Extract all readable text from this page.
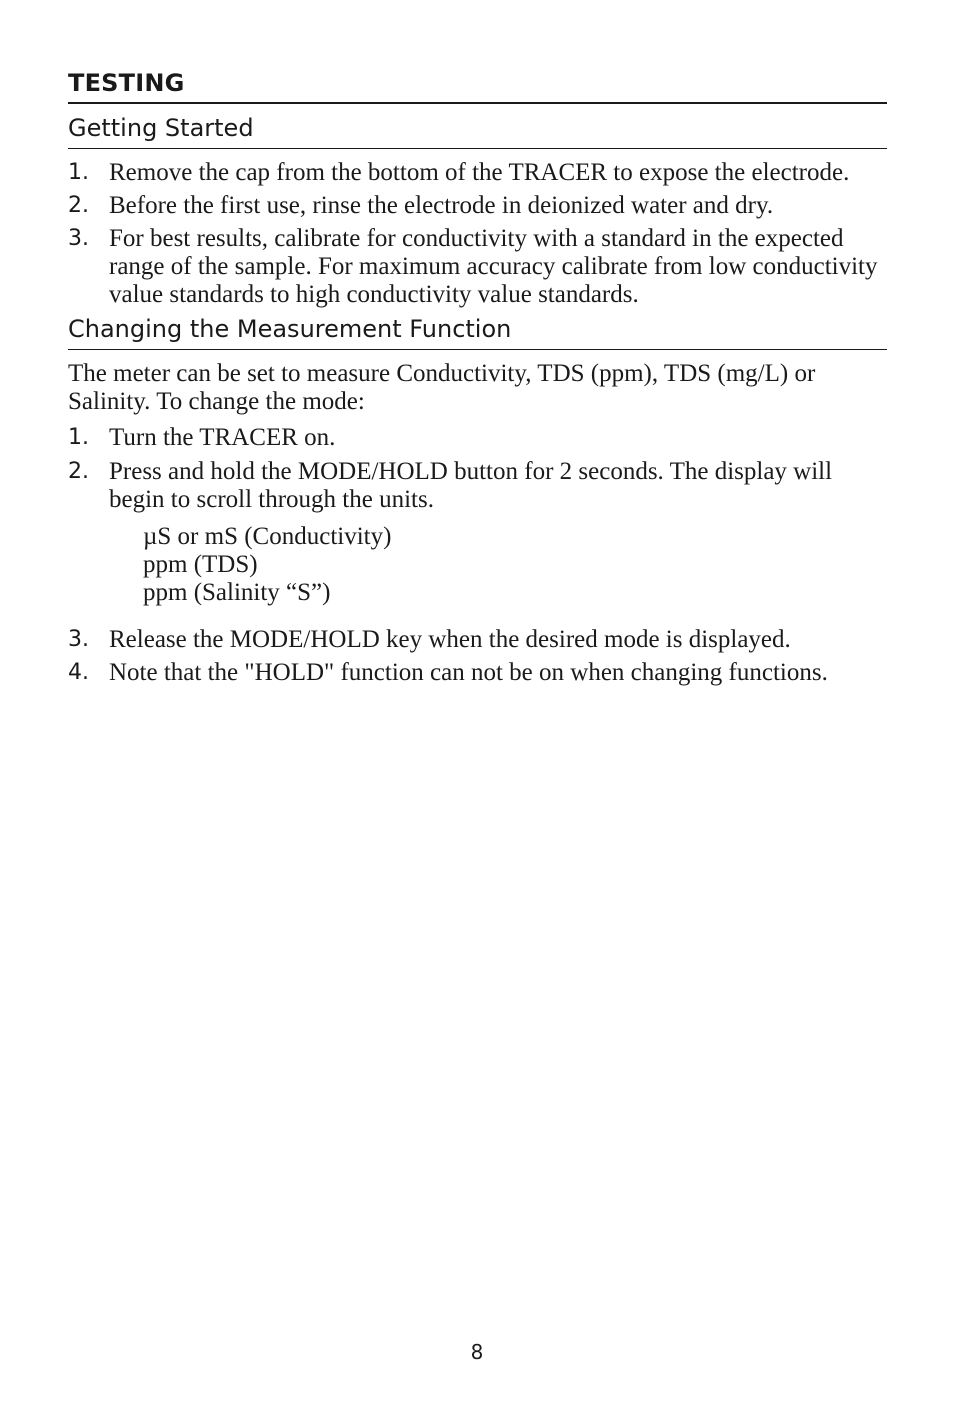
TESTING
Getting Started
1. Remove the cap from the bottom of the TRACER to expose the electrode.
2. Before the first use, rinse the electrode in deionized water and dry.
3. For best results, calibrate for conductivity with a standard in the expected range of the sample. For maximum accuracy calibrate from low conductivity value standards to high conductivity value standards.
Changing the Measurement Function

The meter can be set to measure Conductivity, TDS (ppm), TDS (mg/L) or Salinity. To change the mode:

1. Turn the TRACER on.
2. Press and hold the MODE/HOLD button for 2 seconds. The display will begin to scroll through the units.
µS or mS (Conductivity)
ppm (TDS)
ppm (Salinity “S”)
3. Release the MODE/HOLD key when the desired mode is displayed.
4. Note that the "HOLD" function can not be on when changing functions.
8
